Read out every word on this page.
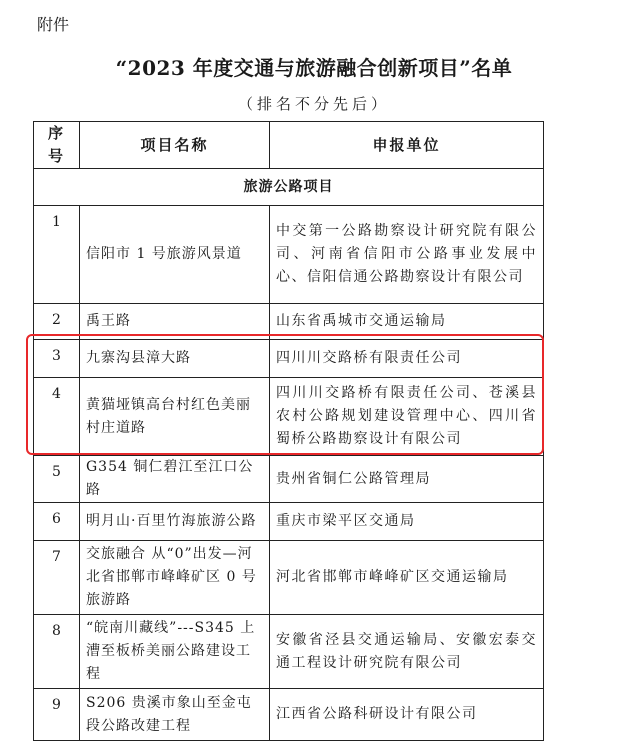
附件
“2023 年度交通与旅游融合创新项目”名单
（排名不分先后）
序号	项目名称	申报单位
旅游公路项目		
1	信阳市 1 号旅游风景道	中交第一公路勘察设计研究院有限公司、河南省信阳市公路事业发展中心、信阳信通公路勘察设计有限公司
2	禹王路	山东省禹城市交通运输局
3	九寨沟县漳大路	四川川交路桥有限责任公司
4	黄猫垭镇高台村红色美丽村庄道路	四川川交路桥有限责任公司、苍溪县农村公路规划建设管理中心、四川省蜀桥公路勘察设计有限公司
5	G354 铜仁碧江至江口公路	贵州省铜仁公路管理局
6	明月山·百里竹海旅游公路	重庆市梁平区交通局
7	交旅融合 从“0”出发—河北省邯郸市峰峰矿区 0 号旅游路	河北省邯郸市峰峰矿区交通运输局
8	“皖南川藏线”---S345 上漕至板桥美丽公路建设工程	安徽省泾县交通运输局、安徽宏泰交通工程设计研究院有限公司
9	S206 贵溪市象山至金屯段公路改建工程	江西省公路科研设计有限公司
